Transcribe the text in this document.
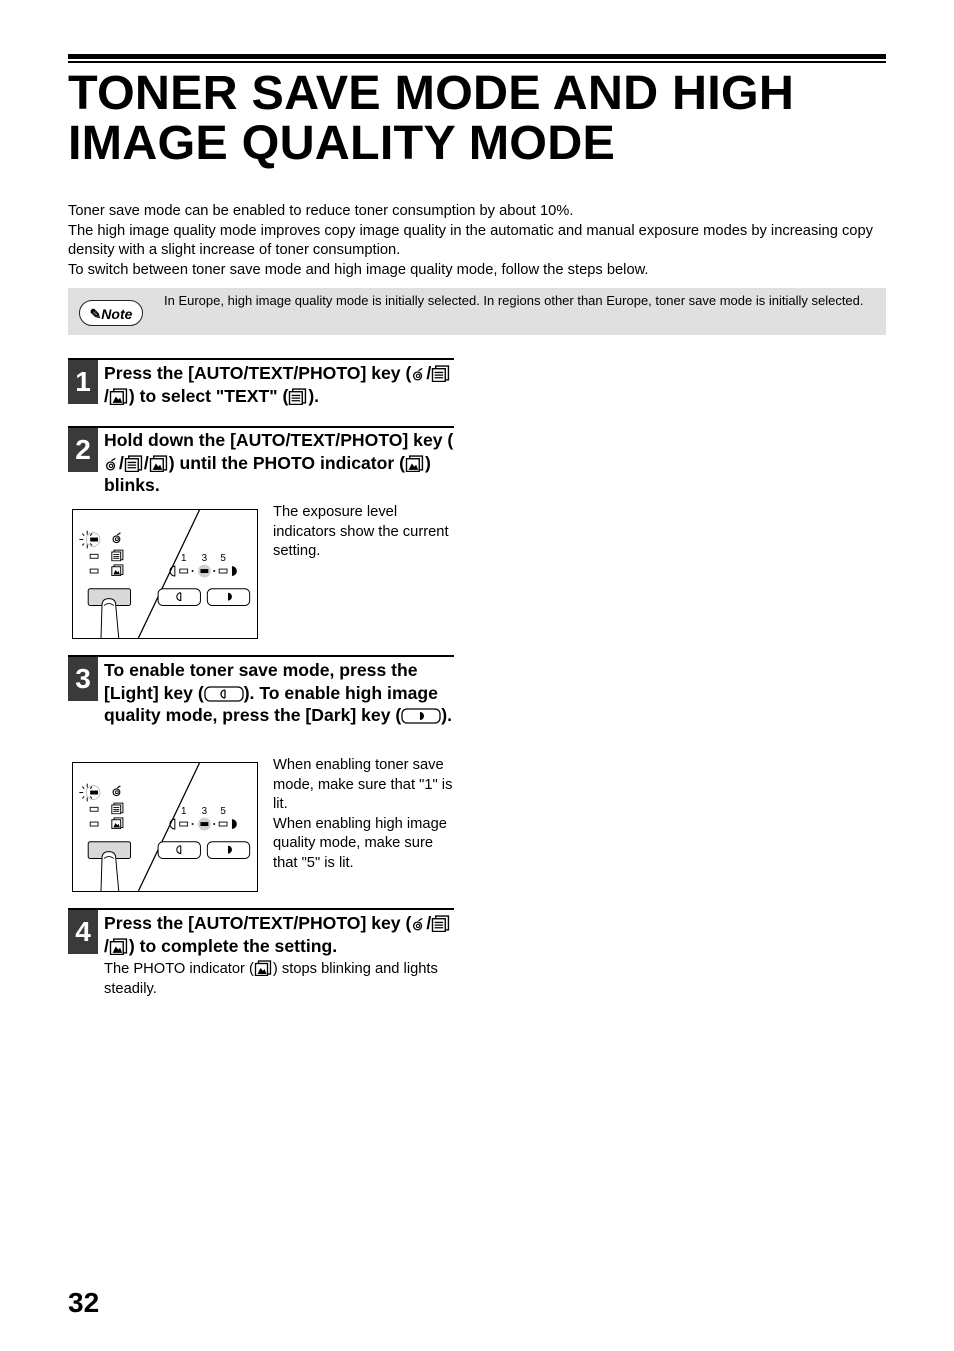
TONER SAVE MODE AND HIGH IMAGE QUALITY MODE

Toner save mode can be enabled to reduce toner consumption by about 10%.

The high image quality mode improves copy image quality in the automatic and manual exposure modes by increasing copy density with a slight increase of toner consumption.

To switch between toner save mode and high image quality mode, follow the steps below.

✎Note
In Europe, high image quality mode is initially selected. In regions other than Europe, toner save mode is initially selected.
1 Press the [AUTO/TEXT/PHOTO] key ( // ) to select "TEXT" ( ).
2 Hold down the [AUTO/TEXT/PHOTO] key (/ / ) until the PHOTO indicator ( ) blinks.
The exposure level indicators show the current setting.
3 To enable toner save mode, press the [Light] key ( ). To enable high image quality mode, press the [Dark] key ( ).
When enabling toner save mode, make sure that "1" is lit.
When enabling high image quality mode, make sure that "5" is lit.
4 Press the [AUTO/TEXT/PHOTO] key ( // ) to complete the setting.
The PHOTO indicator ( ) stops blinking and lights steadily.
32
